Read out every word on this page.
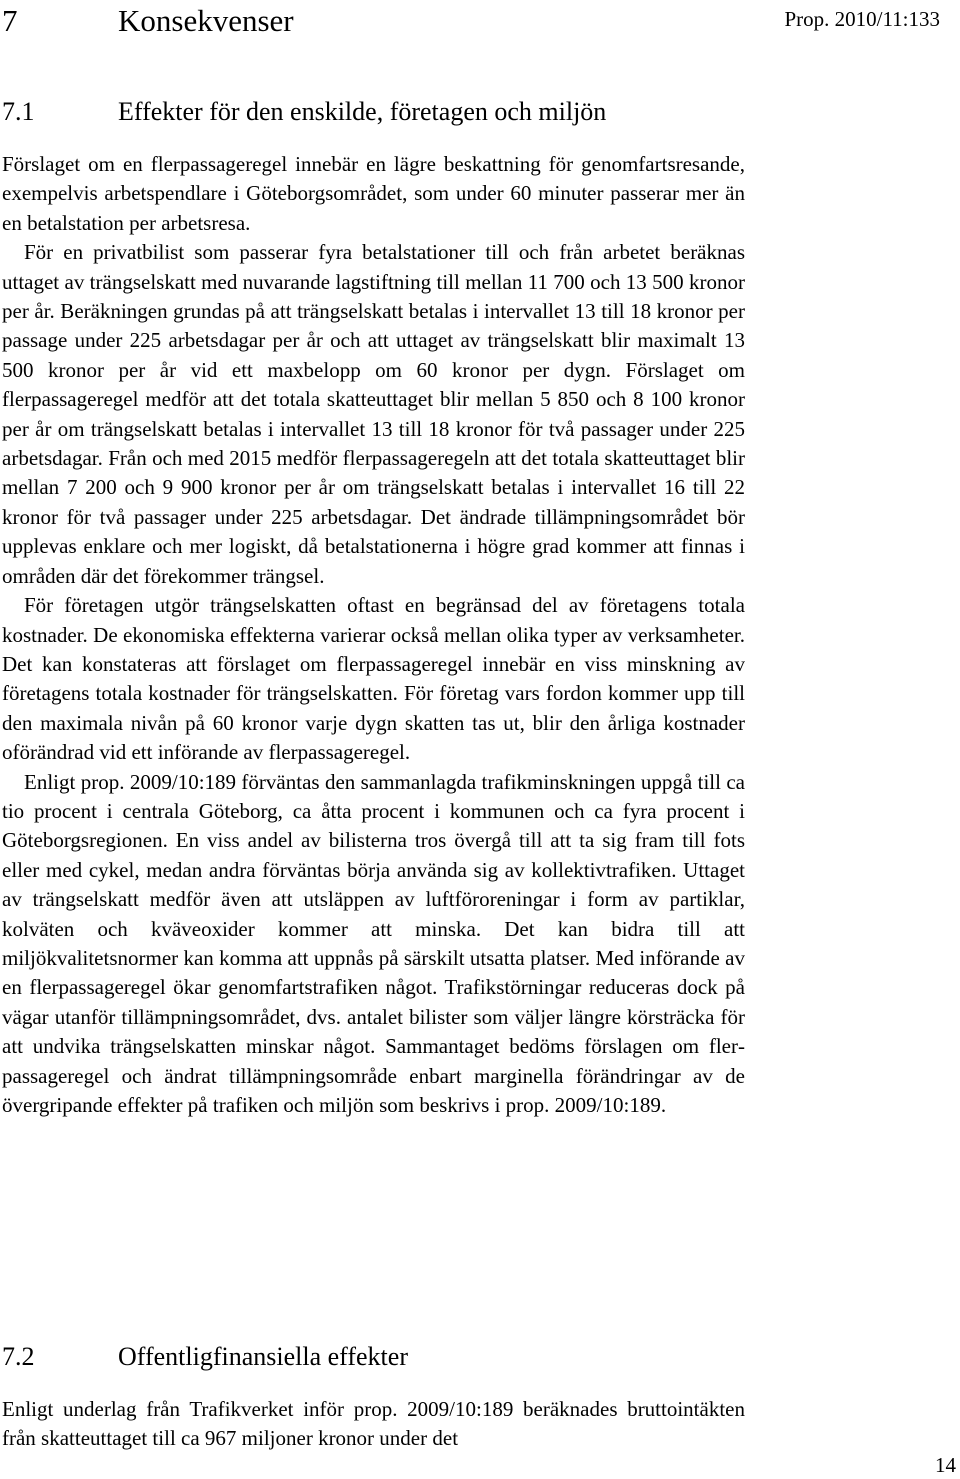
7	Konsekvenser	Prop. 2010/11:133
7.1	Effekter för den enskilde, företagen och miljön

Förslaget om en flerpassageregel innebär en lägre beskattning för genomfartsresande, exempelvis arbetspendlare i Göteborgsområdet, som under 60 minuter passerar mer än en betalstation per arbetsresa.

För en privatbilist som passerar fyra betalstationer till och från arbetet beräknas uttaget av trängselskatt med nuvarande lagstiftning till mellan 11 700 och 13 500 kronor per år. Beräkningen grundas på att trängselskatt betalas i intervallet 13 till 18 kronor per passage under 225 arbetsdagar per år och att uttaget av trängselskatt blir maximalt 13 500 kronor per år vid ett maxbelopp om 60 kronor per dygn. Förslaget om flerpassageregel medför att det totala skatteuttaget blir mellan 5 850 och 8 100 kronor per år om trängselskatt betalas i intervallet 13 till 18 kronor för två passager under 225 arbetsdagar. Från och med 2015 medför flerpassageregeln att det totala skatteuttaget blir mellan 7 200 och 9 900 kronor per år om trängselskatt betalas i intervallet 16 till 22 kronor för två passager under 225 arbetsdagar. Det ändrade tillämpningsområdet bör upplevas enklare och mer logiskt, då betalstationerna i högre grad kommer att finnas i områden där det förekommer trängsel.

För företagen utgör trängselskatten oftast en begränsad del av företagens totala kostnader. De ekonomiska effekterna varierar också mellan olika typer av verksamheter. Det kan konstateras att förslaget om flerpassageregel innebär en viss minskning av företagens totala kostnader för trängselskatten. För företag vars fordon kommer upp till den maximala nivån på 60 kronor varje dygn skatten tas ut, blir den årliga kostnader oförändrad vid ett införande av flerpassageregel.

Enligt prop. 2009/10:189 förväntas den sammanlagda trafikminskningen uppgå till ca tio procent i centrala Göteborg, ca åtta procent i kommunen och ca fyra procent i Göteborgsregionen. En viss andel av bilisterna tros övergå till att ta sig fram till fots eller med cykel, medan andra förväntas börja använda sig av kollektivtrafiken. Uttaget av trängselskatt medför även att utsläppen av luftföroreningar i form av partiklar, kolväten och kväveoxider kommer att minska. Det kan bidra till att miljökvalitetsnormer kan komma att uppnås på särskilt utsatta platser. Med införande av en flerpassageregel ökar genomfartstrafiken något. Trafikstörningar reduceras dock på vägar utanför tillämpningsområdet, dvs. antalet bilister som väljer längre körsträcka för att undvika trängselskatten minskar något. Sammantaget bedöms förslagen om flerpassageregel och ändrat tillämpningsområde enbart marginella förändringar av de övergripande effekter på trafiken och miljön som beskrivs i prop. 2009/10:189.

7.2	Offentligfinansiella effekter

Enligt underlag från Trafikverket inför prop. 2009/10:189 beräknades bruttointäkten från skatteuttaget till ca 967 miljoner kronor under det

14
